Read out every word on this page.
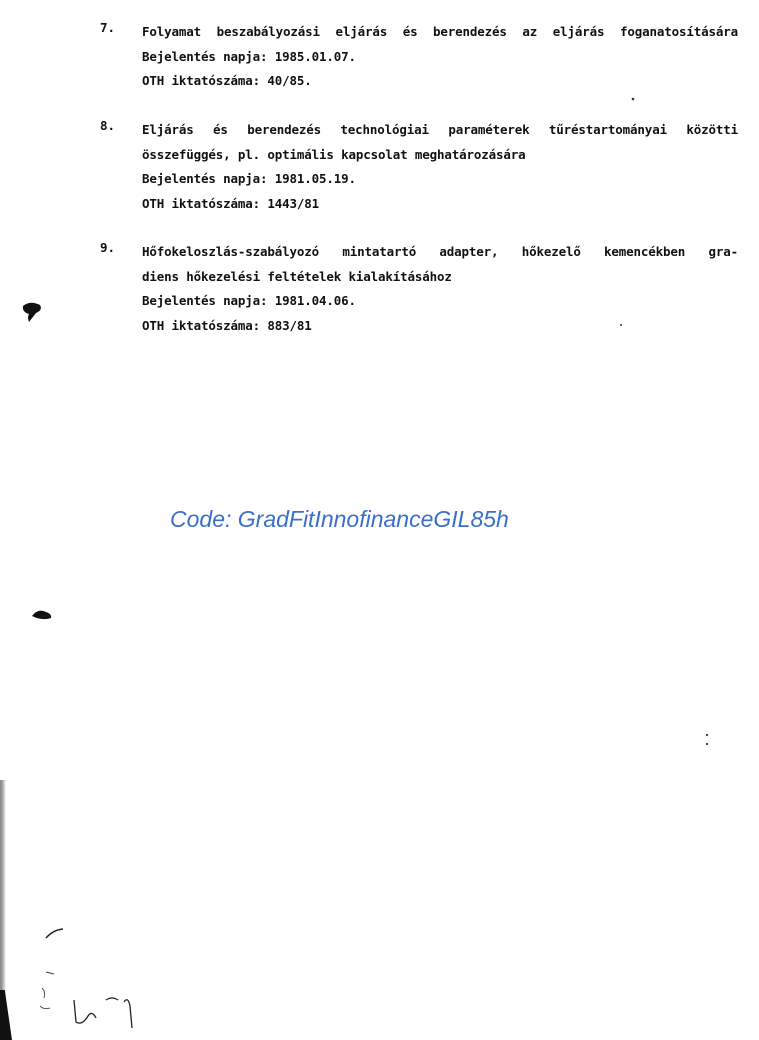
7. Folyamat beszabályozási eljárás és berendezés az eljárás foganatosítására
Bejelentés napja: 1985.01.07.
OTH iktatószáma: 40/85.
8. Eljárás és berendezés technológiai paraméterek tűréstartományai közötti
összefüggés, pl. optimális kapcsolat meghatározására
Bejelentés napja: 1981.05.19.
OTH iktatószáma: 1443/81
9. Hőfokeloszlás-szabályozó mintatartó adapter, hőkezelő kemencékben gra-
diens hőkezelési feltételek kialakításához
Bejelentés napja: 1981.04.06.
OTH iktatószáma: 883/81
Code: GradFitInnofinanceGIL85h
